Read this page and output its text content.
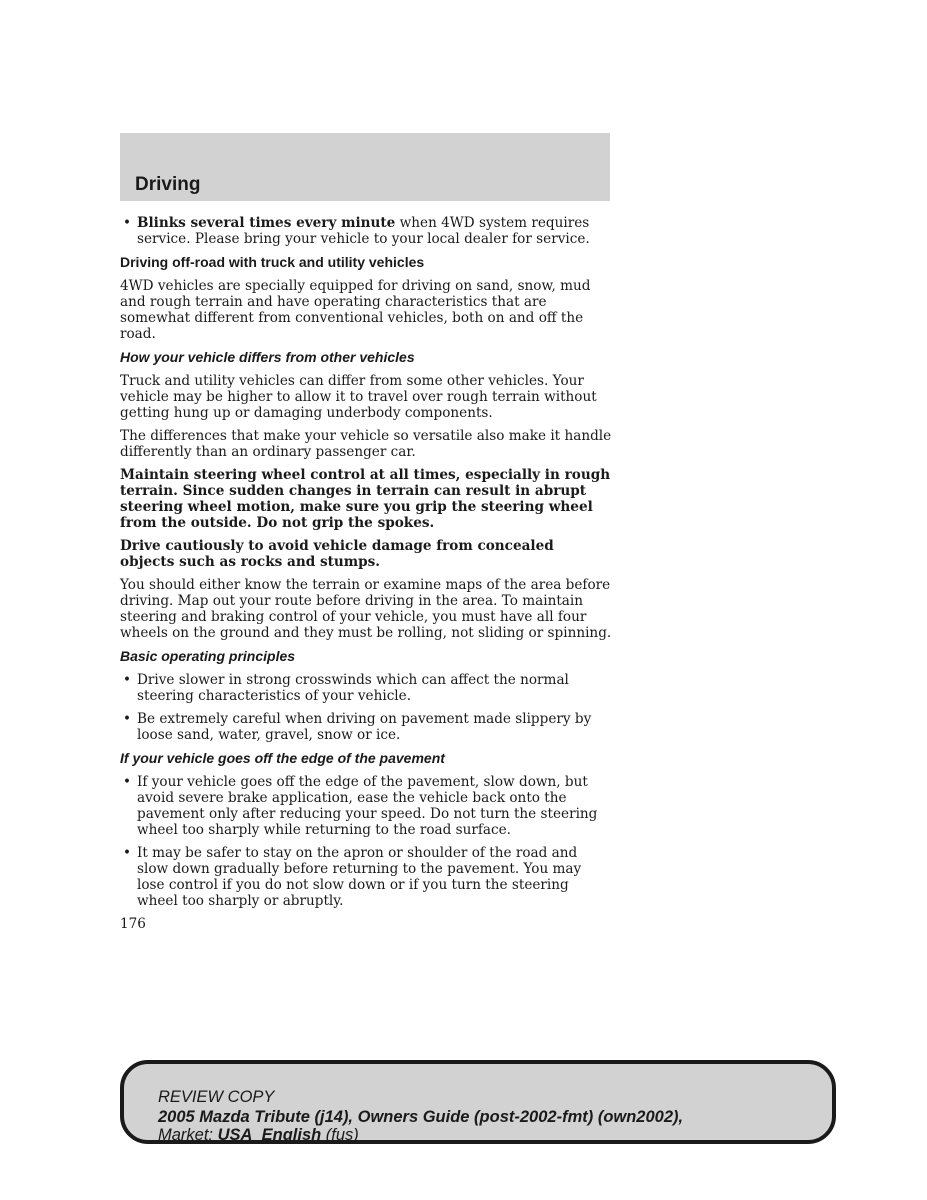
Driving
• Blinks several times every minute when 4WD system requires service. Please bring your vehicle to your local dealer for service.

Driving off-road with truck and utility vehicles

4WD vehicles are specially equipped for driving on sand, snow, mud and rough terrain and have operating characteristics that are somewhat different from conventional vehicles, both on and off the road.

How your vehicle differs from other vehicles

Truck and utility vehicles can differ from some other vehicles. Your vehicle may be higher to allow it to travel over rough terrain without getting hung up or damaging underbody components.

The differences that make your vehicle so versatile also make it handle differently than an ordinary passenger car.

Maintain steering wheel control at all times, especially in rough terrain. Since sudden changes in terrain can result in abrupt steering wheel motion, make sure you grip the steering wheel from the outside. Do not grip the spokes.

Drive cautiously to avoid vehicle damage from concealed objects such as rocks and stumps.

You should either know the terrain or examine maps of the area before driving. Map out your route before driving in the area. To maintain steering and braking control of your vehicle, you must have all four wheels on the ground and they must be rolling, not sliding or spinning.

Basic operating principles

• Drive slower in strong crosswinds which can affect the normal steering characteristics of your vehicle.
• Be extremely careful when driving on pavement made slippery by loose sand, water, gravel, snow or ice.

If your vehicle goes off the edge of the pavement

• If your vehicle goes off the edge of the pavement, slow down, but avoid severe brake application, ease the vehicle back onto the pavement only after reducing your speed. Do not turn the steering wheel too sharply while returning to the road surface.
• It may be safer to stay on the apron or shoulder of the road and slow down gradually before returning to the pavement. You may lose control if you do not slow down or if you turn the steering wheel too sharply or abruptly.

176

REVIEW COPY
2005 Mazda Tribute (j14), Owners Guide (post-2002-fmt) (own2002),
Market: USA_English (fus)
